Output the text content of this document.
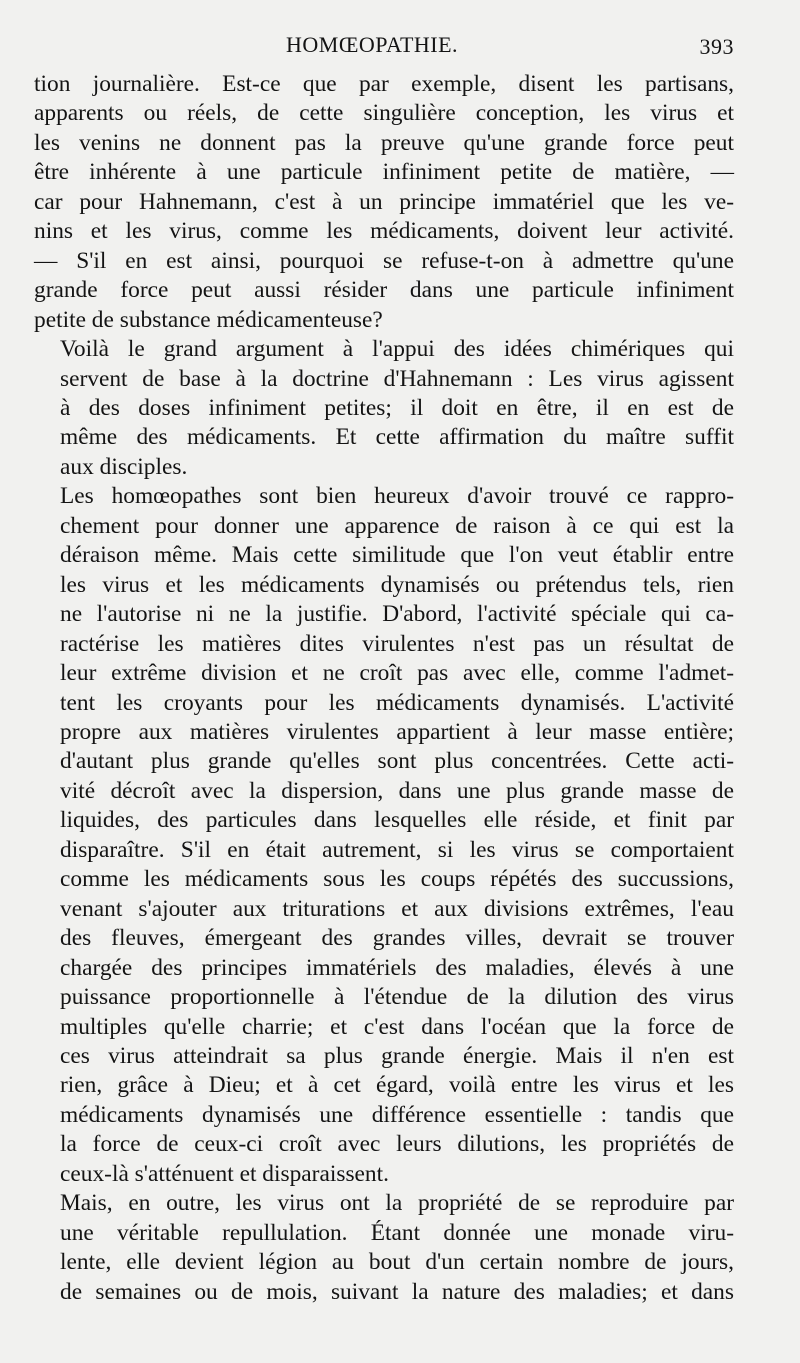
HOMŒOPATHIE.	393

tion journalière. Est-ce que par exemple, disent les partisans,
apparents ou réels, de cette singulière conception, les virus et
les venins ne donnent pas la preuve qu'une grande force peut
être inhérente à une particule infiniment petite de matière, —
car pour Hahnemann, c'est à un principe immatériel que les ve-
nins et les virus, comme les médicaments, doivent leur activité.
— S'il en est ainsi, pourquoi se refuse-t-on à admettre qu'une
grande force peut aussi résider dans une particule infiniment
petite de substance médicamenteuse?

Voilà le grand argument à l'appui des idées chimériques qui
servent de base à la doctrine d'Hahnemann : Les virus agissent
à des doses infiniment petites; il doit en être, il en est de
même des médicaments. Et cette affirmation du maître suffit
aux disciples.

Les homœopathes sont bien heureux d'avoir trouvé ce rappro-
chement pour donner une apparence de raison à ce qui est la
déraison même. Mais cette similitude que l'on veut établir entre
les virus et les médicaments dynamisés ou prétendus tels, rien
ne l'autorise ni ne la justifie. D'abord, l'activité spéciale qui ca-
ractérise les matières dites virulentes n'est pas un résultat de
leur extrême division et ne croît pas avec elle, comme l'admet-
tent les croyants pour les médicaments dynamisés. L'activité
propre aux matières virulentes appartient à leur masse entière;
d'autant plus grande qu'elles sont plus concentrées. Cette acti-
vité décroît avec la dispersion, dans une plus grande masse de
liquides, des particules dans lesquelles elle réside, et finit par
disparaître. S'il en était autrement, si les virus se comportaient
comme les médicaments sous les coups répétés des succussions,
venant s'ajouter aux triturations et aux divisions extrêmes, l'eau
des fleuves, émergeant des grandes villes, devrait se trouver
chargée des principes immatériels des maladies, élevés à une
puissance proportionnelle à l'étendue de la dilution des virus
multiples qu'elle charrie; et c'est dans l'océan que la force de
ces virus atteindrait sa plus grande énergie. Mais il n'en est
rien, grâce à Dieu; et à cet égard, voilà entre les virus et les
médicaments dynamisés une différence essentielle : tandis que
la force de ceux-ci croît avec leurs dilutions, les propriétés de
ceux-là s'atténuent et disparaissent.

Mais, en outre, les virus ont la propriété de se reproduire par
une véritable repullulation. Étant donnée une monade viru-
lente, elle devient légion au bout d'un certain nombre de jours,
de semaines ou de mois, suivant la nature des maladies; et dans
